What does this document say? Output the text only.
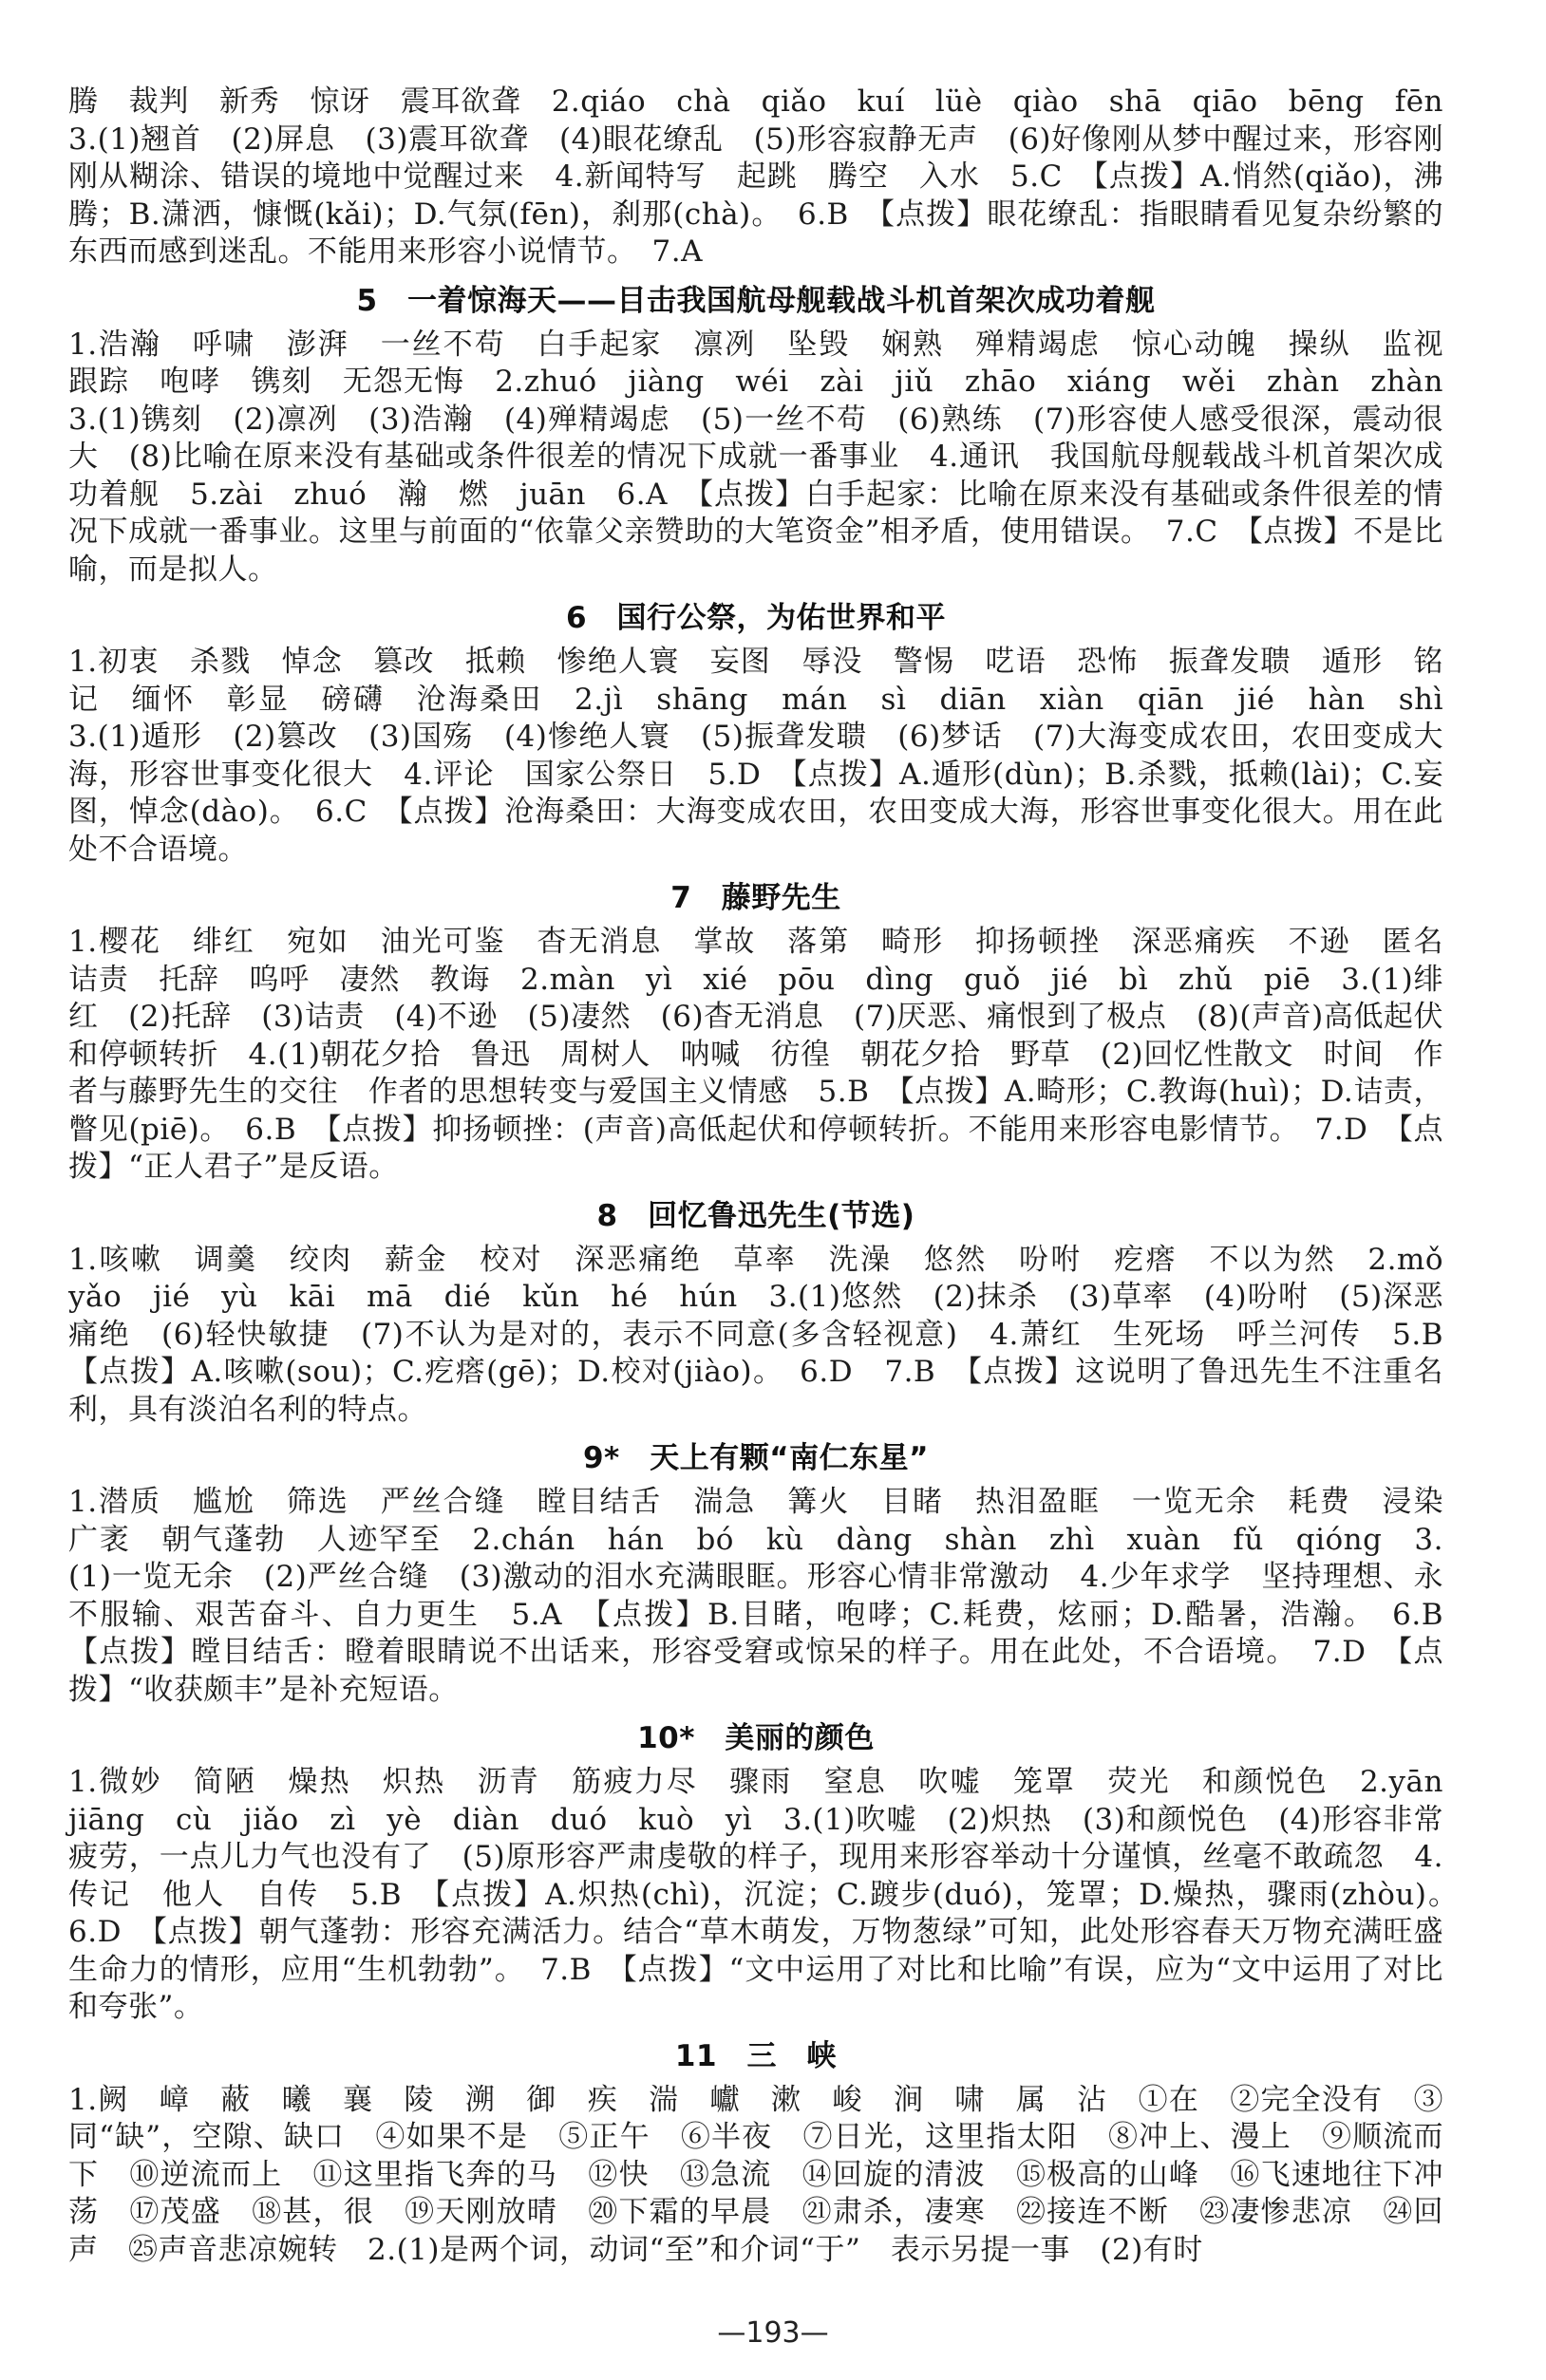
腾　裁判　新秀　惊讶　震耳欲聋　2.qiáo　chà　qiǎo　kuí　lüè　qiào　shā　qiāo　bēng　fēn　3.(1)翘首　(2)屏息　(3)震耳欲聋　(4)眼花缭乱　(5)形容寂静无声　(6)好像刚从梦中醒过来，形容刚刚从糊涂、错误的境地中觉醒过来　4.新闻特写　起跳　腾空　入水　5.C　【点拨】A.悄然(qiǎo)，沸腾；B.潇洒，慷慨(kǎi)；D.气氛(fēn)，刹那(chà)。　6.B　【点拨】眼花缭乱：指眼睛看见复杂纷繁的东西而感到迷乱。不能用来形容小说情节。　7.A

5　一着惊海天——目击我国航母舰载战斗机首架次成功着舰

1.浩瀚　呼啸　澎湃　一丝不苟　白手起家　凛冽　坠毁　娴熟　殚精竭虑　惊心动魄　操纵　监视　跟踪　咆哮　镌刻　无怨无悔　2.zhuó　jiàng　wéi　zài　jiǔ　zhāo　xiáng　wěi　zhàn　zhàn　3.(1)镌刻　(2)凛冽　(3)浩瀚　(4)殚精竭虑　(5)一丝不苟　(6)熟练　(7)形容使人感受很深，震动很大　(8)比喻在原来没有基础或条件很差的情况下成就一番事业　4.通讯　我国航母舰载战斗机首架次成功着舰　5.zài　zhuó　瀚　燃　juān　6.A　【点拨】白手起家：比喻在原来没有基础或条件很差的情况下成就一番事业。这里与前面的“依靠父亲赞助的大笔资金”相矛盾，使用错误。　7.C　【点拨】不是比喻，而是拟人。

6　国行公祭，为佑世界和平

1.初衷　杀戮　悼念　篡改　抵赖　惨绝人寰　妄图　辱没　警惕　呓语　恐怖　振聋发聩　遁形　铭记　缅怀　彰显　磅礴　沧海桑田　2.jì　shāng　mán　sì　diān　xiàn　qiān　jié　hàn　shì　3.(1)遁形　(2)篡改　(3)国殇　(4)惨绝人寰　(5)振聋发聩　(6)梦话　(7)大海变成农田，农田变成大海，形容世事变化很大　4.评论　国家公祭日　5.D　【点拨】A.遁形(dùn)；B.杀戮，抵赖(lài)；C.妄图，悼念(dào)。　6.C　【点拨】沧海桑田：大海变成农田，农田变成大海，形容世事变化很大。用在此处不合语境。

7　藤野先生

1.樱花　绯红　宛如　油光可鉴　杳无消息　掌故　落第　畸形　抑扬顿挫　深恶痛疾　不逊　匿名　诘责　托辞　呜呼　凄然　教诲　2.màn　yì　xié　pōu　dìng　guǒ　jié　bì　zhǔ　piē　3.(1)绯红　(2)托辞　(3)诘责　(4)不逊　(5)凄然　(6)杳无消息　(7)厌恶、痛恨到了极点　(8)(声音)高低起伏和停顿转折　4.(1)朝花夕拾　鲁迅　周树人　呐喊　彷徨　朝花夕拾　野草　(2)回忆性散文　时间　作者与藤野先生的交往　作者的思想转变与爱国主义情感　5.B　【点拨】A.畸形；C.教诲(huì)；D.诘责，瞥见(piē)。　6.B　【点拨】抑扬顿挫：(声音)高低起伏和停顿转折。不能用来形容电影情节。　7.D　【点拨】“正人君子”是反语。

8　回忆鲁迅先生(节选)

1.咳嗽　调羹　绞肉　薪金　校对　深恶痛绝　草率　洗澡　悠然　吩咐　疙瘩　不以为然　2.mǒ　yǎo　jié　yù　kāi　mā　dié　kǔn　hé　hún　3.(1)悠然　(2)抹杀　(3)草率　(4)吩咐　(5)深恶痛绝　(6)轻快敏捷　(7)不认为是对的，表示不同意(多含轻视意)　4.萧红　生死场　呼兰河传　5.B　【点拨】A.咳嗽(sou)；C.疙瘩(gē)；D.校对(jiào)。　6.D　7.B　【点拨】这说明了鲁迅先生不注重名利，具有淡泊名利的特点。

9*　天上有颗“南仁东星”

1.潜质　尴尬　筛选　严丝合缝　瞠目结舌　湍急　篝火　目睹　热泪盈眶　一览无余　耗费　浸染　广袤　朝气蓬勃　人迹罕至　2.chán　hán　bó　kù　dàng　shàn　zhì　xuàn　fǔ　qióng　3.(1)一览无余　(2)严丝合缝　(3)激动的泪水充满眼眶。形容心情非常激动　4.少年求学　坚持理想、永不服输、艰苦奋斗、自力更生　5.A　【点拨】B.目睹，咆哮；C.耗费，炫丽；D.酷暑，浩瀚。　6.B　【点拨】瞠目结舌：瞪着眼睛说不出话来，形容受窘或惊呆的样子。用在此处，不合语境。　7.D　【点拨】“收获颇丰”是补充短语。

10*　美丽的颜色

1.微妙　简陋　燥热　炽热　沥青　筋疲力尽　骤雨　窒息　吹嘘　笼罩　荧光　和颜悦色　2.yān　jiāng　cù　jiǎo　zì　yè　diàn　duó　kuò　yì　3.(1)吹嘘　(2)炽热　(3)和颜悦色　(4)形容非常疲劳，一点儿力气也没有了　(5)原形容严肃虔敬的样子，现用来形容举动十分谨慎，丝毫不敢疏忽　4.传记　他人　自传　5.B　【点拨】A.炽热(chì)，沉淀；C.踱步(duó)，笼罩；D.燥热，骤雨(zhòu)。　6.D　【点拨】朝气蓬勃：形容充满活力。结合“草木萌发，万物葱绿”可知，此处形容春天万物充满旺盛生命力的情形，应用“生机勃勃”。　7.B　【点拨】“文中运用了对比和比喻”有误，应为“文中运用了对比和夸张”。

11　三　峡

1.阙　嶂　蔽　曦　襄　陵　溯　御　疾　湍　巘　漱　峻　涧　啸　属　沾　①在　②完全没有　③同“缺”，空隙、缺口　④如果不是　⑤正午　⑥半夜　⑦日光，这里指太阳　⑧冲上、漫上　⑨顺流而下　⑩逆流而上　⑪这里指飞奔的马　⑫快　⑬急流　⑭回旋的清波　⑮极高的山峰　⑯飞速地往下冲荡　⑰茂盛　⑱甚，很　⑲天刚放晴　⑳下霜的早晨　㉑肃杀，凄寒　㉒接连不断　㉓凄惨悲凉　㉔回声　㉕声音悲凉婉转　2.(1)是两个词，动词“至”和介词“于”　表示另提一事　(2)有时

—193—
